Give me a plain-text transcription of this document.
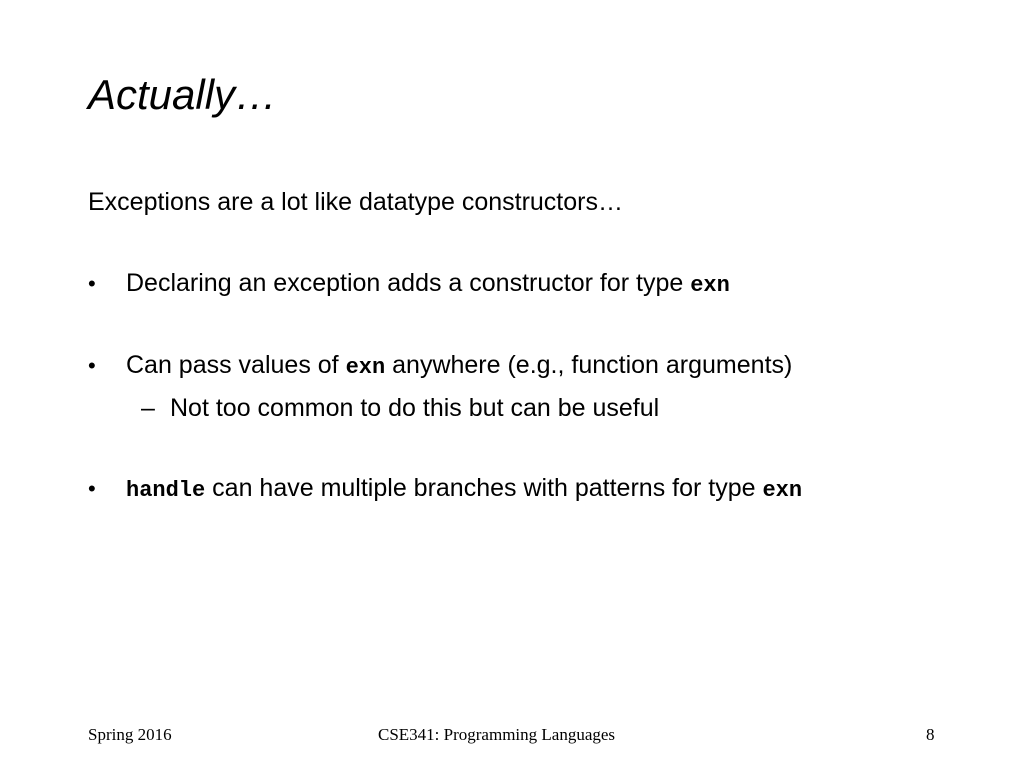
Actually…
Exceptions are a lot like datatype constructors…
• Declaring an exception adds a constructor for type exn
• Can pass values of exn anywhere (e.g., function arguments)
– Not too common to do this but can be useful
• handle can have multiple branches with patterns for type exn
Spring 2016	CSE341: Programming Languages	8
